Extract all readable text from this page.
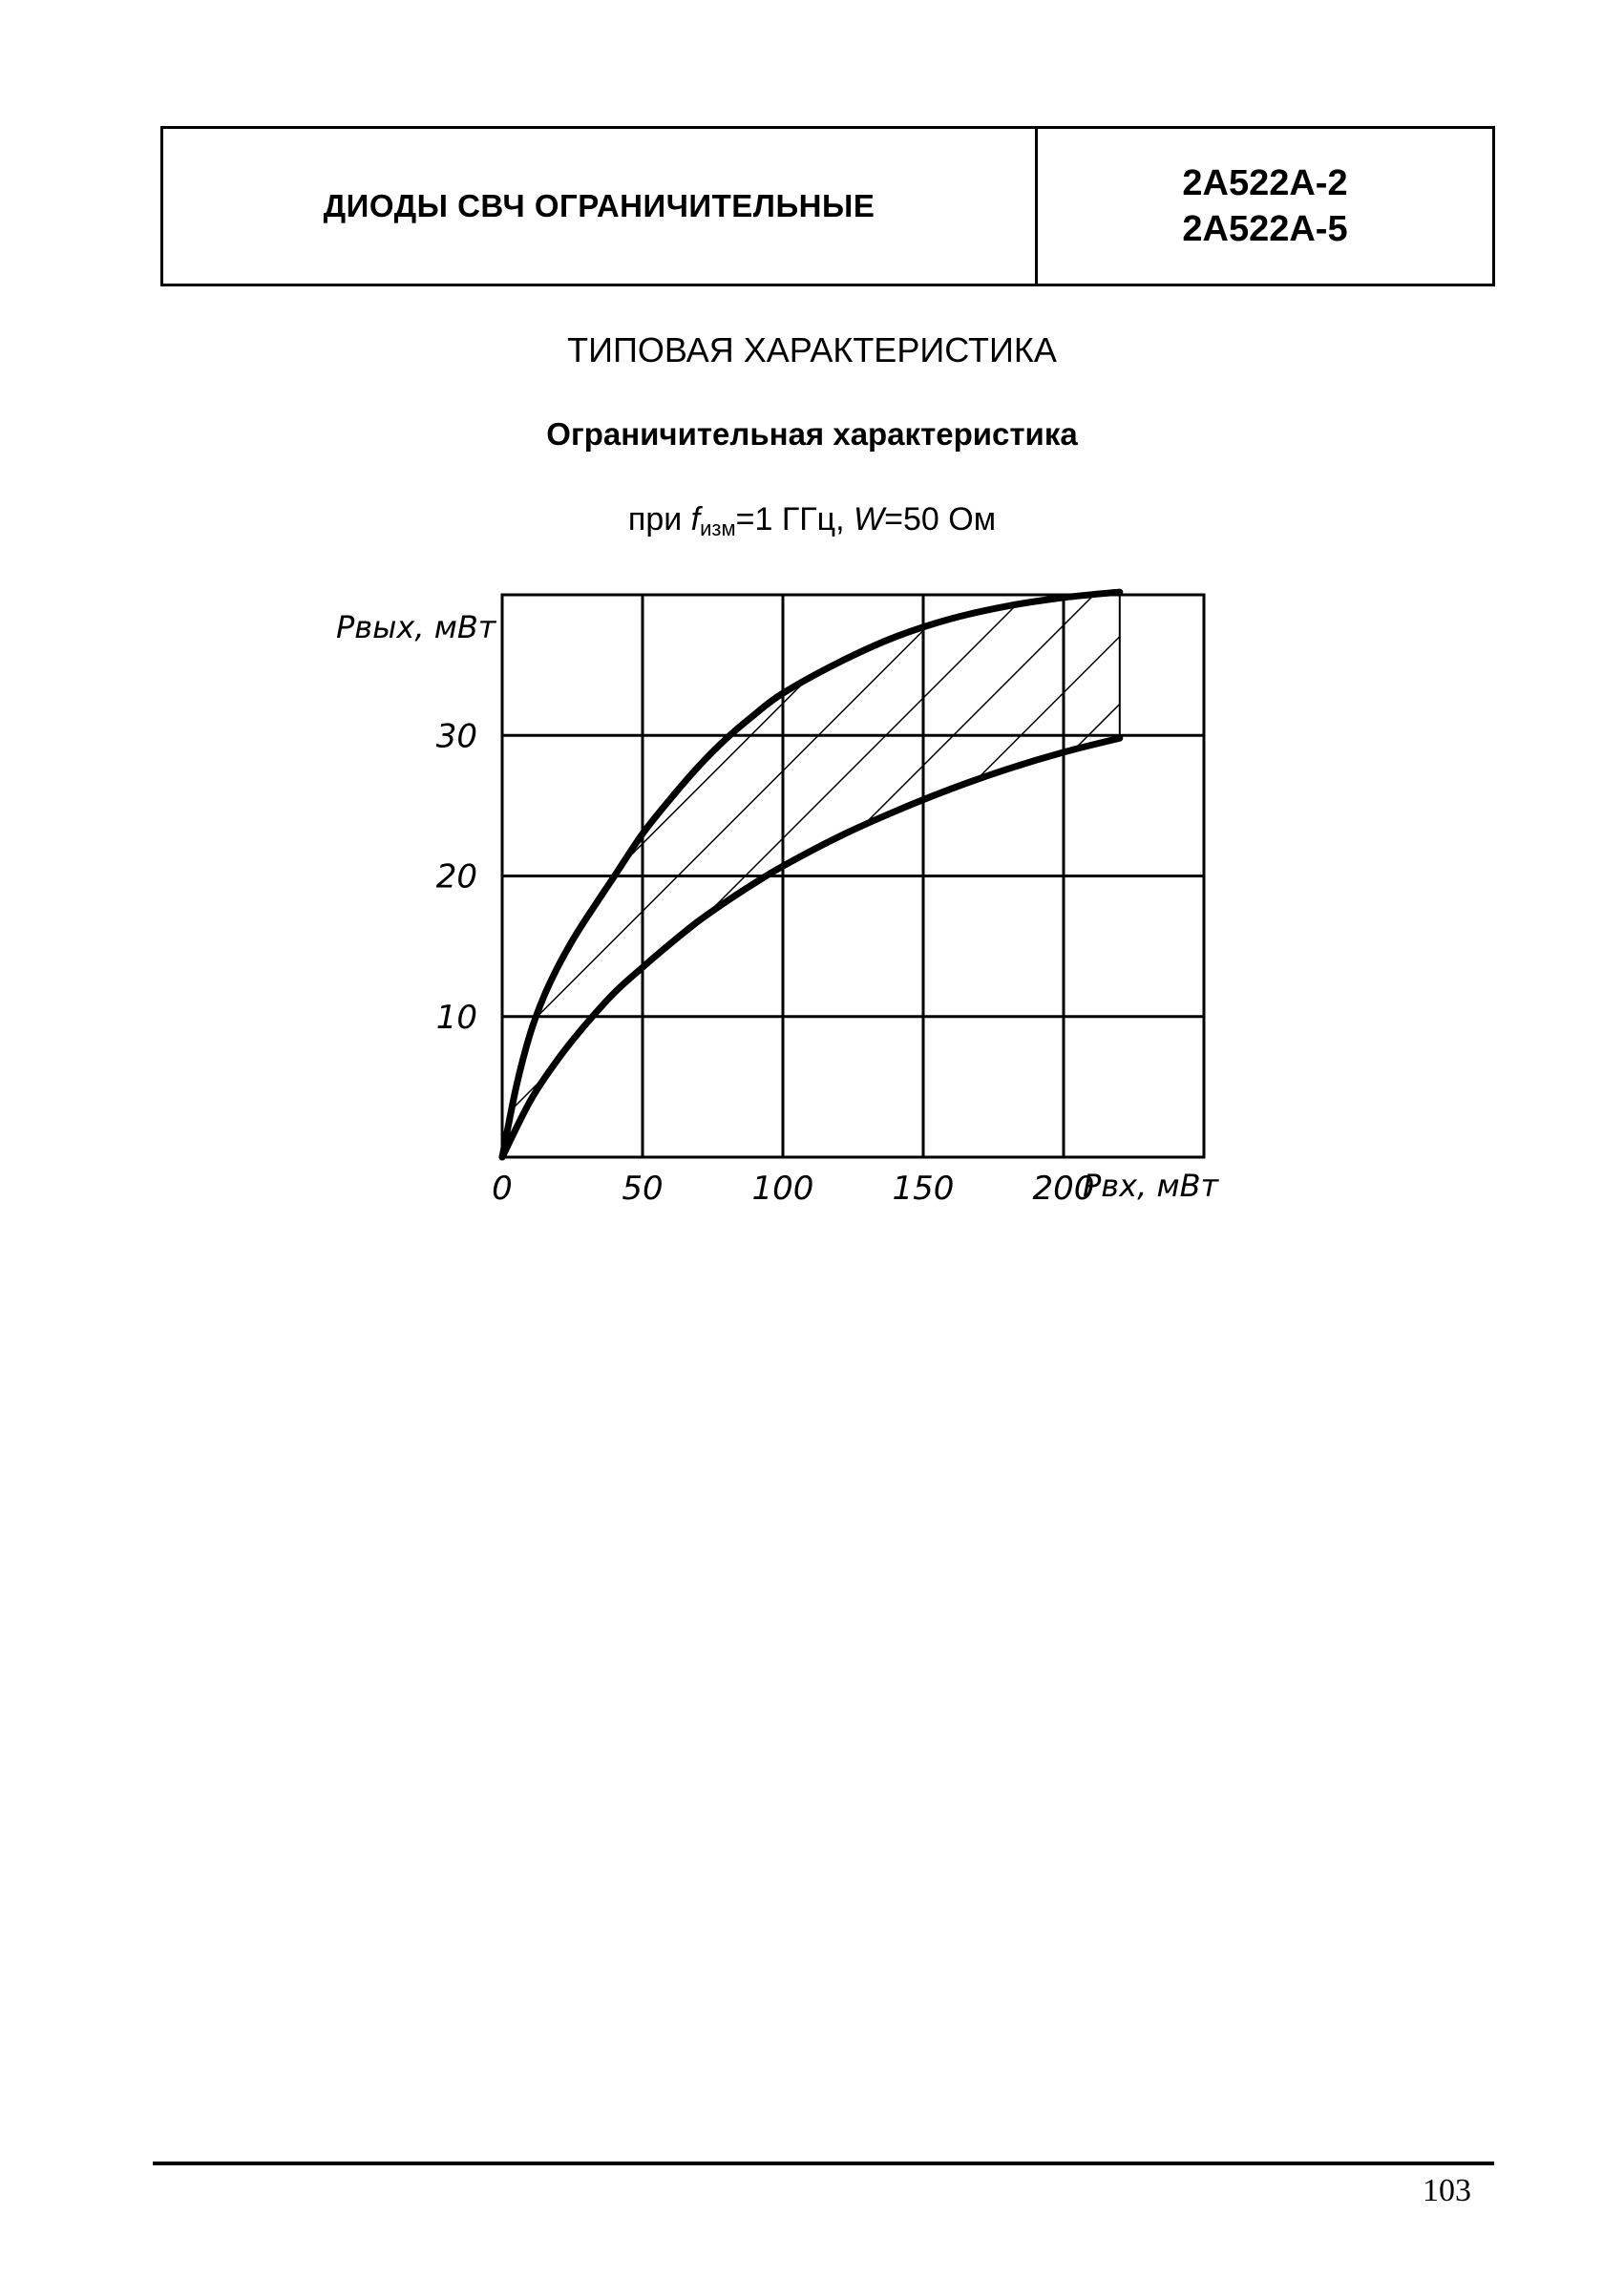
ДИОДЫ СВЧ ОГРАНИЧИТЕЛЬНЫЕ
2А522А-2
2А522А-5
ТИПОВАЯ ХАРАКТЕРИСТИКА
Ограничительная характеристика
при $f_{изм}=1$ ГГц, W=50 Ом
0	50	100 150 200
10
20
30
Pвых, мВт
Pвх, мВт
103
